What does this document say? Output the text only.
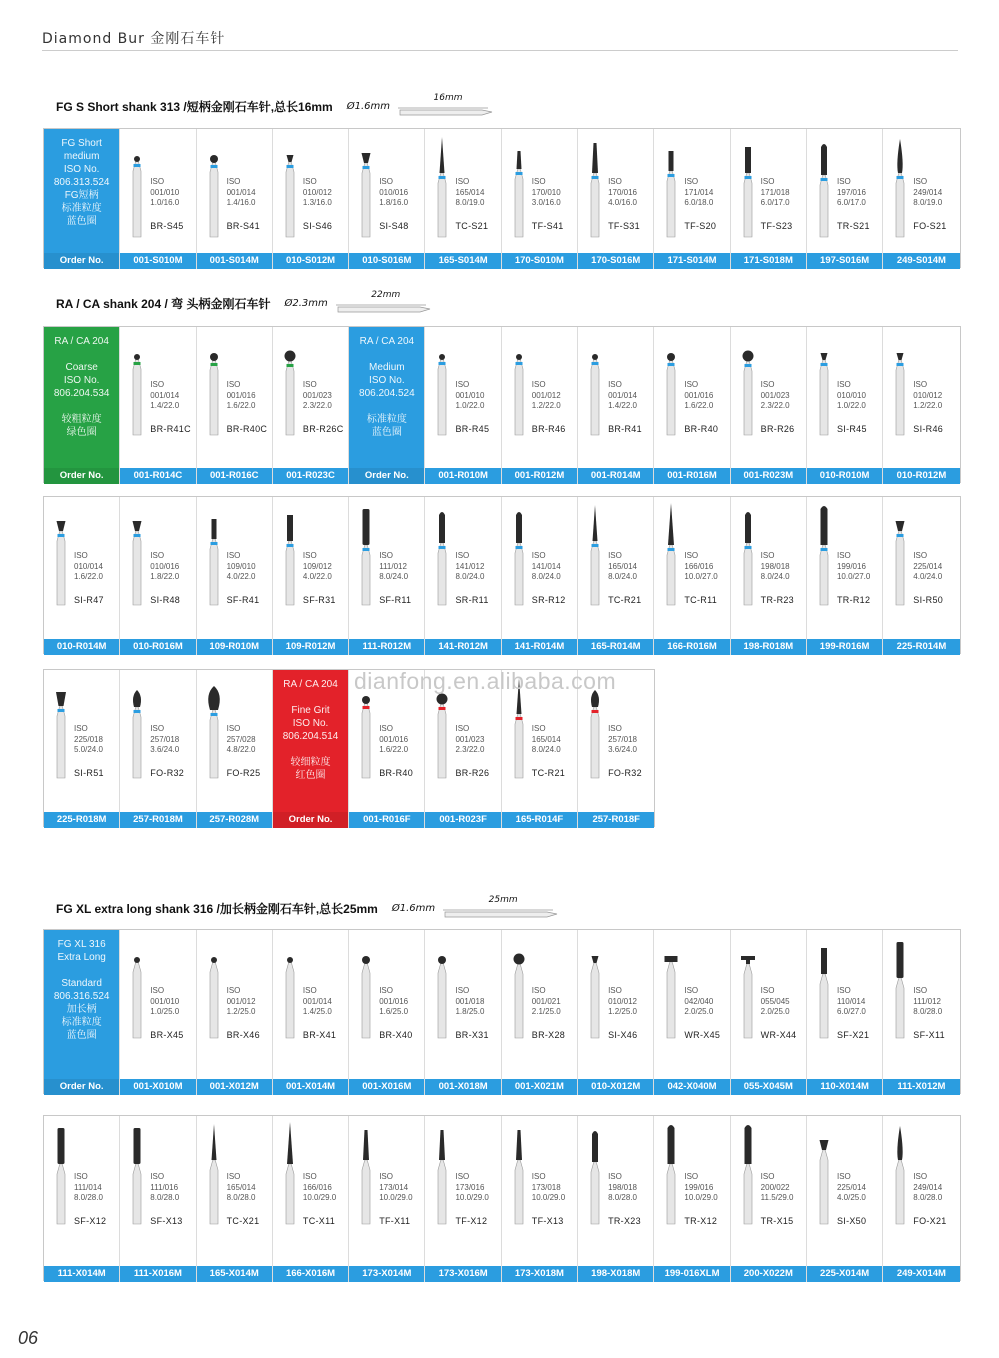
Diamond Bur 金刚石车针
FG S Short shank 313 /短柄金刚石车针,总长16mm Ø1.6mm
16mm
RA / CA shank 204 / 弯 头柄金刚石车针 Ø2.3mm
22mm
FG XL extra long shank 316 /加长柄金刚石车针,总长25mm Ø1.6mm
25mm
FG Short
medium
ISO No.
806.313.524
FG短柄
标准粒度
蓝色圈
Order No.
ISO
001/010
1.0/16.0
BR-S45
001-S010M
ISO
001/014
1.4/16.0
BR-S41
001-S014M
ISO
010/012
1.3/16.0
SI-S46
010-S012M
ISO
010/016
1.8/16.0
SI-S48
010-S016M
ISO
165/014
8.0/19.0
TC-S21
165-S014M
ISO
170/010
3.0/16.0
TF-S41
170-S010M
ISO
170/016
4.0/16.0
TF-S31
170-S016M
ISO
171/014
6.0/18.0
TF-S20
171-S014M
ISO
171/018
6.0/17.0
TF-S23
171-S018M
ISO
197/016
6.0/17.0
TR-S21
197-S016M
ISO
249/014
8.0/19.0
FO-S21
249-S014M
RA / CA 204

Coarse
ISO No.
806.204.534

较粗粒度
绿色圈
Order No.
ISO
001/014
1.4/22.0
BR-R41C
001-R014C
ISO
001/016
1.6/22.0
BR-R40C
001-R016C
ISO
001/023
2.3/22.0
BR-R26C
001-R023C
RA / CA 204

Medium
ISO No.
806.204.524

标准粒度
蓝色圈
Order No.
ISO
001/010
1.0/22.0
BR-R45
001-R010M
ISO
001/012
1.2/22.0
BR-R46
001-R012M
ISO
001/014
1.4/22.0
BR-R41
001-R014M
ISO
001/016
1.6/22.0
BR-R40
001-R016M
ISO
001/023
2.3/22.0
BR-R26
001-R023M
ISO
010/010
1.0/22.0
SI-R45
010-R010M
ISO
010/012
1.2/22.0
SI-R46
010-R012M
ISO
010/014
1.6/22.0
SI-R47
010-R014M
ISO
010/016
1.8/22.0
SI-R48
010-R016M
ISO
109/010
4.0/22.0
SF-R41
109-R010M
ISO
109/012
4.0/22.0
SF-R31
109-R012M
ISO
111/012
8.0/24.0
SF-R11
111-R012M
ISO
141/012
8.0/24.0
SR-R11
141-R012M
ISO
141/014
8.0/24.0
SR-R12
141-R014M
ISO
165/014
8.0/24.0
TC-R21
165-R014M
ISO
166/016
10.0/27.0
TC-R11
166-R016M
ISO
198/018
8.0/24.0
TR-R23
198-R018M
ISO
199/016
10.0/27.0
TR-R12
199-R016M
ISO
225/014
4.0/24.0
SI-R50
225-R014M
ISO
225/018
5.0/24.0
SI-R51
225-R018M
ISO
257/018
3.6/24.0
FO-R32
257-R018M
ISO
257/028
4.8/22.0
FO-R25
257-R028M
RA / CA 204

Fine Grit
ISO No.
806.204.514

较细粒度
红色圈
Order No.
ISO
001/016
1.6/22.0
BR-R40
001-R016F
ISO
001/023
2.3/22.0
BR-R26
001-R023F
ISO
165/014
8.0/24.0
TC-R21
165-R014F
ISO
257/018
3.6/24.0
FO-R32
257-R018F
FG XL 316
Extra Long

Standard
806.316.524
加长柄
标准粒度
蓝色圈
Order No.
ISO
001/010
1.0/25.0
BR-X45
001-X010M
ISO
001/012
1.2/25.0
BR-X46
001-X012M
ISO
001/014
1.4/25.0
BR-X41
001-X014M
ISO
001/016
1.6/25.0
BR-X40
001-X016M
ISO
001/018
1.8/25.0
BR-X31
001-X018M
ISO
001/021
2.1/25.0
BR-X28
001-X021M
ISO
010/012
1.2/25.0
SI-X46
010-X012M
ISO
042/040
2.0/25.0
WR-X45
042-X040M
ISO
055/045
2.0/25.0
WR-X44
055-X045M
ISO
110/014
6.0/27.0
SF-X21
110-X014M
ISO
111/012
8.0/28.0
SF-X11
111-X012M
ISO
111/014
8.0/28.0
SF-X12
111-X014M
ISO
111/016
8.0/28.0
SF-X13
111-X016M
ISO
165/014
8.0/28.0
TC-X21
165-X014M
ISO
166/016
10.0/29.0
TC-X11
166-X016M
ISO
173/014
10.0/29.0
TF-X11
173-X014M
ISO
173/016
10.0/29.0
TF-X12
173-X016M
ISO
173/018
10.0/29.0
TF-X13
173-X018M
ISO
198/018
8.0/28.0
TR-X23
198-X018M
ISO
199/016
10.0/29.0
TR-X12
199-016XLM
ISO
200/022
11.5/29.0
TR-X15
200-X022M
ISO
225/014
4.0/25.0
SI-X50
225-X014M
ISO
249/014
8.0/28.0
FO-X21
249-X014M
dianfong.en.alibaba.com
06
